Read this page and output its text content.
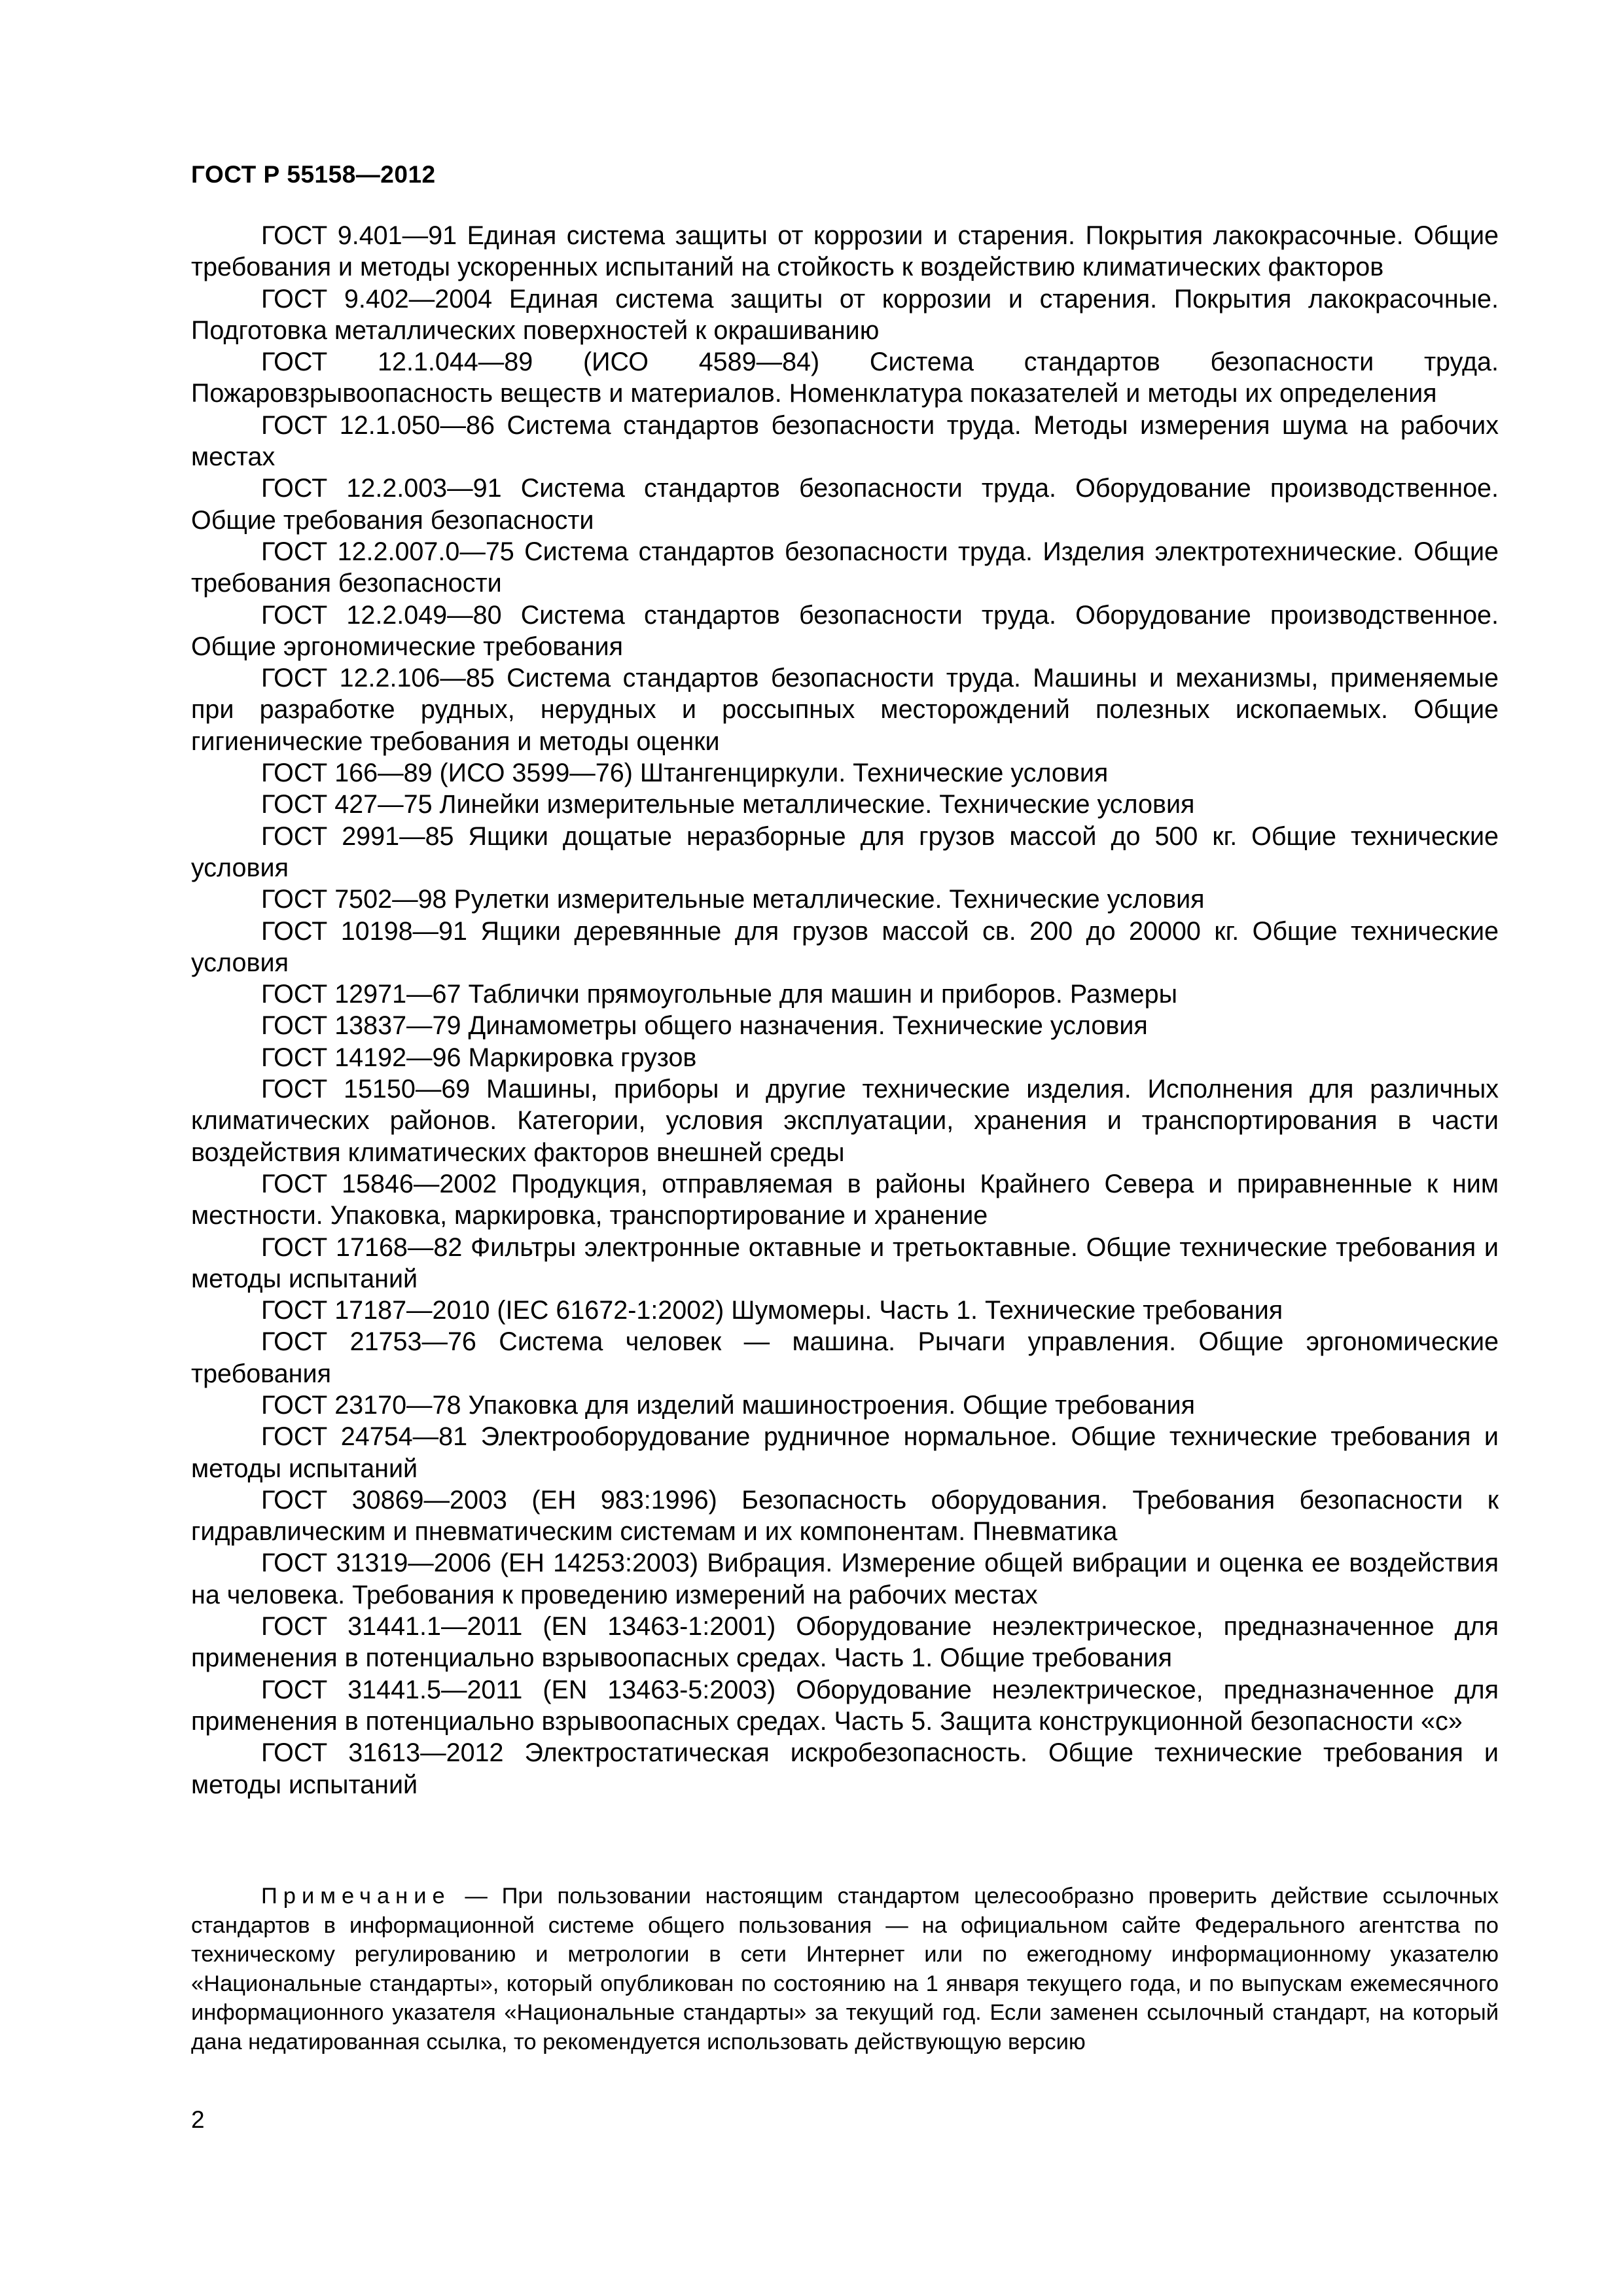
ГОСТ Р 55158—2012

ГОСТ 9.401—91 Единая система защиты от коррозии и старения. Покрытия лакокрасочные. Общие требования и методы ускоренных испытаний на стойкость к воздействию климатических факторов
ГОСТ 9.402—2004 Единая система защиты от коррозии и старения. Покрытия лакокрасочные. Подготовка металлических поверхностей к окрашиванию
ГОСТ 12.1.044—89 (ИСО 4589—84) Система стандартов безопасности труда. Пожаровзрывоопасность веществ и материалов. Номенклатура показателей и методы их определения
ГОСТ 12.1.050—86 Система стандартов безопасности труда. Методы измерения шума на рабочих местах
ГОСТ 12.2.003—91 Система стандартов безопасности труда. Оборудование производственное. Общие требования безопасности
ГОСТ 12.2.007.0—75 Система стандартов безопасности труда. Изделия электротехнические. Общие требования безопасности
ГОСТ 12.2.049—80 Система стандартов безопасности труда. Оборудование производственное. Общие эргономические требования
ГОСТ 12.2.106—85 Система стандартов безопасности труда. Машины и механизмы, применяемые при разработке рудных, нерудных и россыпных месторождений полезных ископаемых. Общие гигиенические требования и методы оценки
ГОСТ 166—89 (ИСО 3599—76) Штангенциркули. Технические условия
ГОСТ 427—75 Линейки измерительные металлические. Технические условия
ГОСТ 2991—85 Ящики дощатые неразборные для грузов массой до 500 кг. Общие технические условия
ГОСТ 7502—98 Рулетки измерительные металлические. Технические условия
ГОСТ 10198—91 Ящики деревянные для грузов массой св. 200 до 20000 кг. Общие технические условия
ГОСТ 12971—67 Таблички прямоугольные для машин и приборов. Размеры
ГОСТ 13837—79 Динамометры общего назначения. Технические условия
ГОСТ 14192—96 Маркировка грузов
ГОСТ 15150—69 Машины, приборы и другие технические изделия. Исполнения для различных климатических районов. Категории, условия эксплуатации, хранения и транспортирования в части воздействия климатических факторов внешней среды
ГОСТ 15846—2002 Продукция, отправляемая в районы Крайнего Севера и приравненные к ним местности. Упаковка, маркировка, транспортирование и хранение
ГОСТ 17168—82 Фильтры электронные октавные и третьоктавные. Общие технические требования и методы испытаний
ГОСТ 17187—2010 (IEC 61672-1:2002) Шумомеры. Часть 1. Технические требования
ГОСТ 21753—76 Система человек — машина. Рычаги управления. Общие эргономические требования
ГОСТ 23170—78 Упаковка для изделий машиностроения. Общие требования
ГОСТ 24754—81 Электрооборудование рудничное нормальное. Общие технические требования и методы испытаний
ГОСТ 30869—2003 (ЕН 983:1996) Безопасность оборудования. Требования безопасности к гидравлическим и пневматическим системам и их компонентам. Пневматика
ГОСТ 31319—2006 (ЕН 14253:2003) Вибрация. Измерение общей вибрации и оценка ее воздействия на человека. Требования к проведению измерений на рабочих местах
ГОСТ 31441.1—2011 (EN 13463-1:2001) Оборудование неэлектрическое, предназначенное для применения в потенциально взрывоопасных средах. Часть 1. Общие требования
ГОСТ 31441.5—2011 (EN 13463-5:2003) Оборудование неэлектрическое, предназначенное для применения в потенциально взрывоопасных средах. Часть 5. Защита конструкционной безопасности «с»
ГОСТ 31613—2012 Электростатическая искробезопасность. Общие технические требования и методы испытаний

Примечание — При пользовании настоящим стандартом целесообразно проверить действие ссылочных стандартов в информационной системе общего пользования — на официальном сайте Федерального агентства по техническому регулированию и метрологии в сети Интернет или по ежегодному информационному указателю «Национальные стандарты», который опубликован по состоянию на 1 января текущего года, и по выпускам ежемесячного информационного указателя «Национальные стандарты» за текущий год. Если заменен ссылочный стандарт, на который дана недатированная ссылка, то рекомендуется использовать действующую версию

2
